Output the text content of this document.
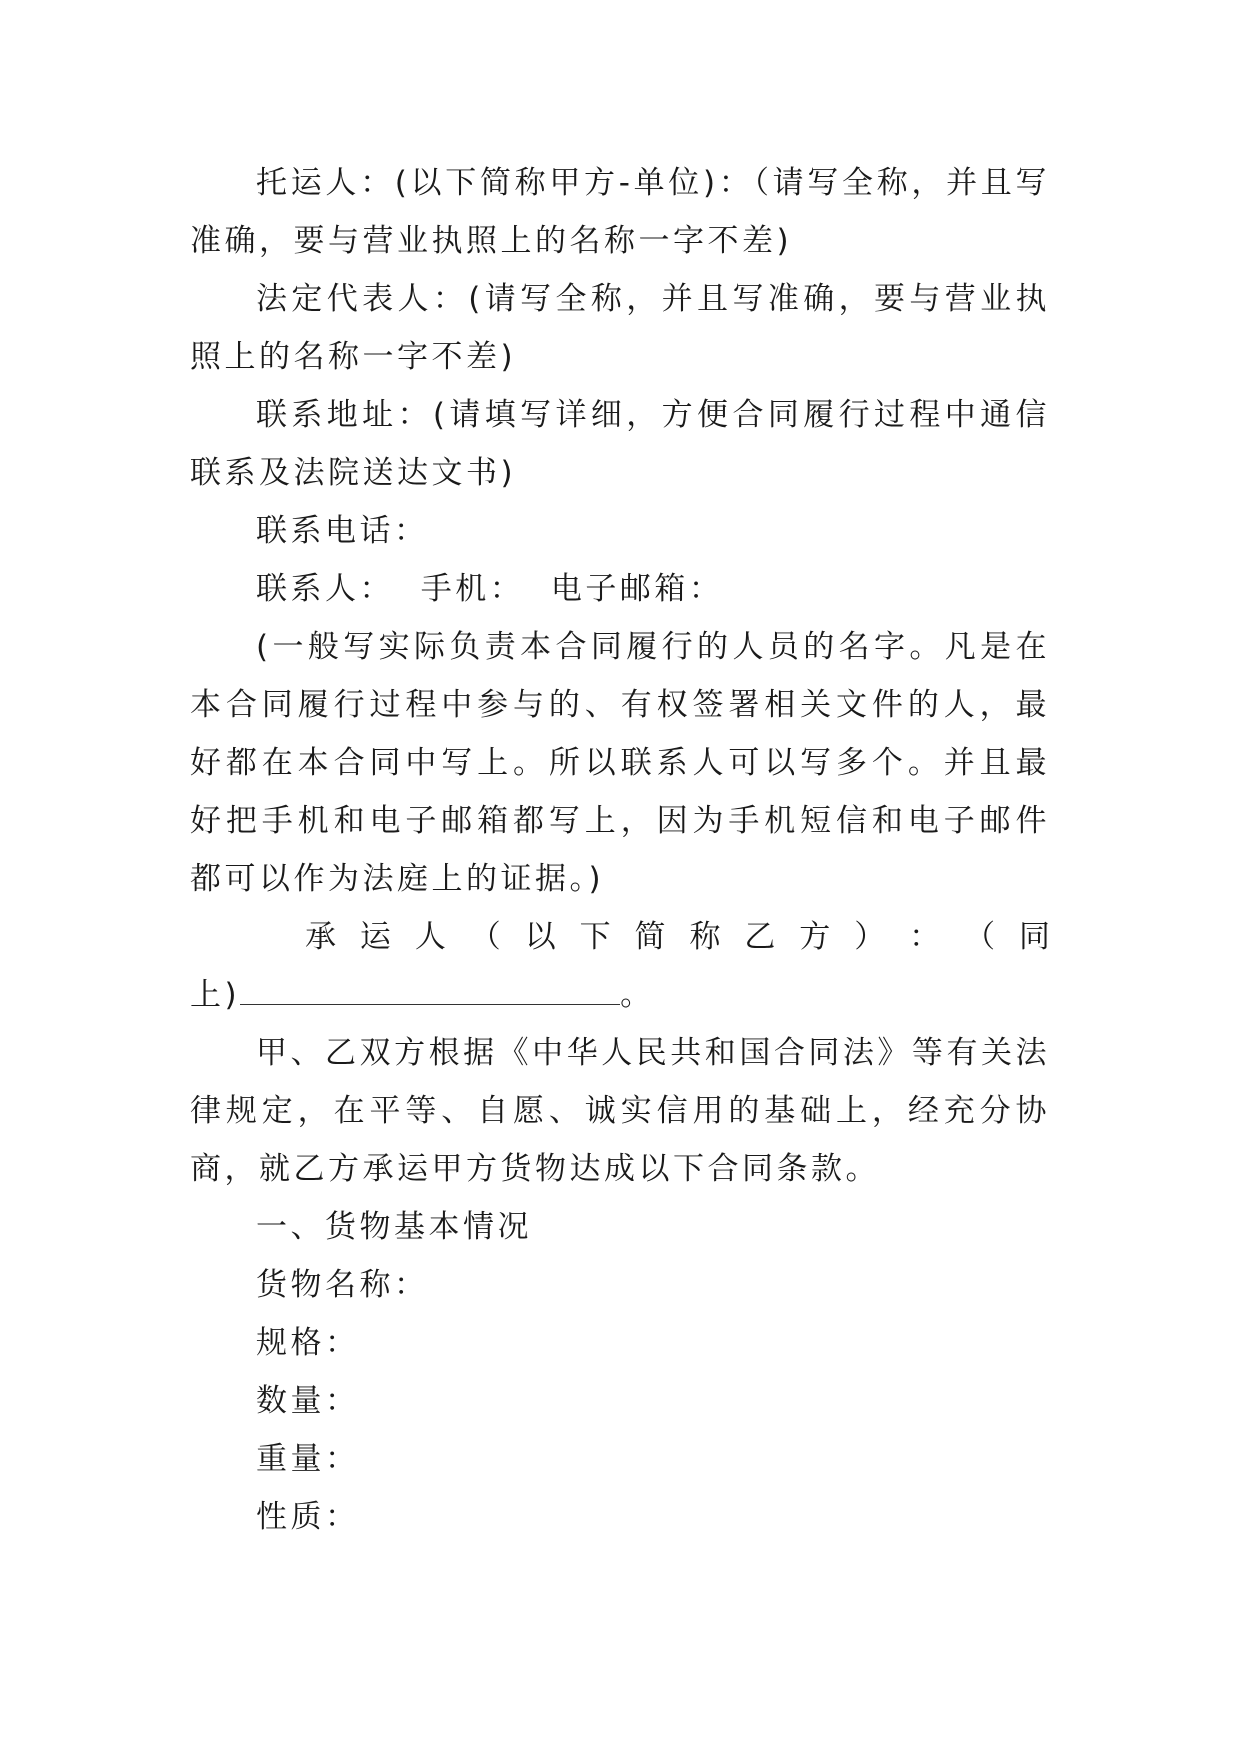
托运人：(以下简称甲方-单位)：（请写全称，并且写准确，要与营业执照上的名称一字不差)

法定代表人：(请写全称，并且写准确，要与营业执照上的名称一字不差)

联系地址：(请填写详细，方便合同履行过程中通信联系及法院送达文书)

联系电话：

联系人：  手机：  电子邮箱：

(一般写实际负责本合同履行的人员的名字。凡是在本合同履行过程中参与的、有权签署相关文件的人，最好都在本合同中写上。所以联系人可以写多个。并且最好把手机和电子邮箱都写上，因为手机短信和电子邮件都可以作为法庭上的证据。)

承 运 人 （ 以 下 简 称 乙 方 ） ： （ 同

上)	。

甲、乙双方根据《中华人民共和国合同法》等有关法律规定，在平等、自愿、诚实信用的基础上，经充分协商，就乙方承运甲方货物达成以下合同条款。

一、货物基本情况

货物名称：

规格：

数量：

重量：

性质：
